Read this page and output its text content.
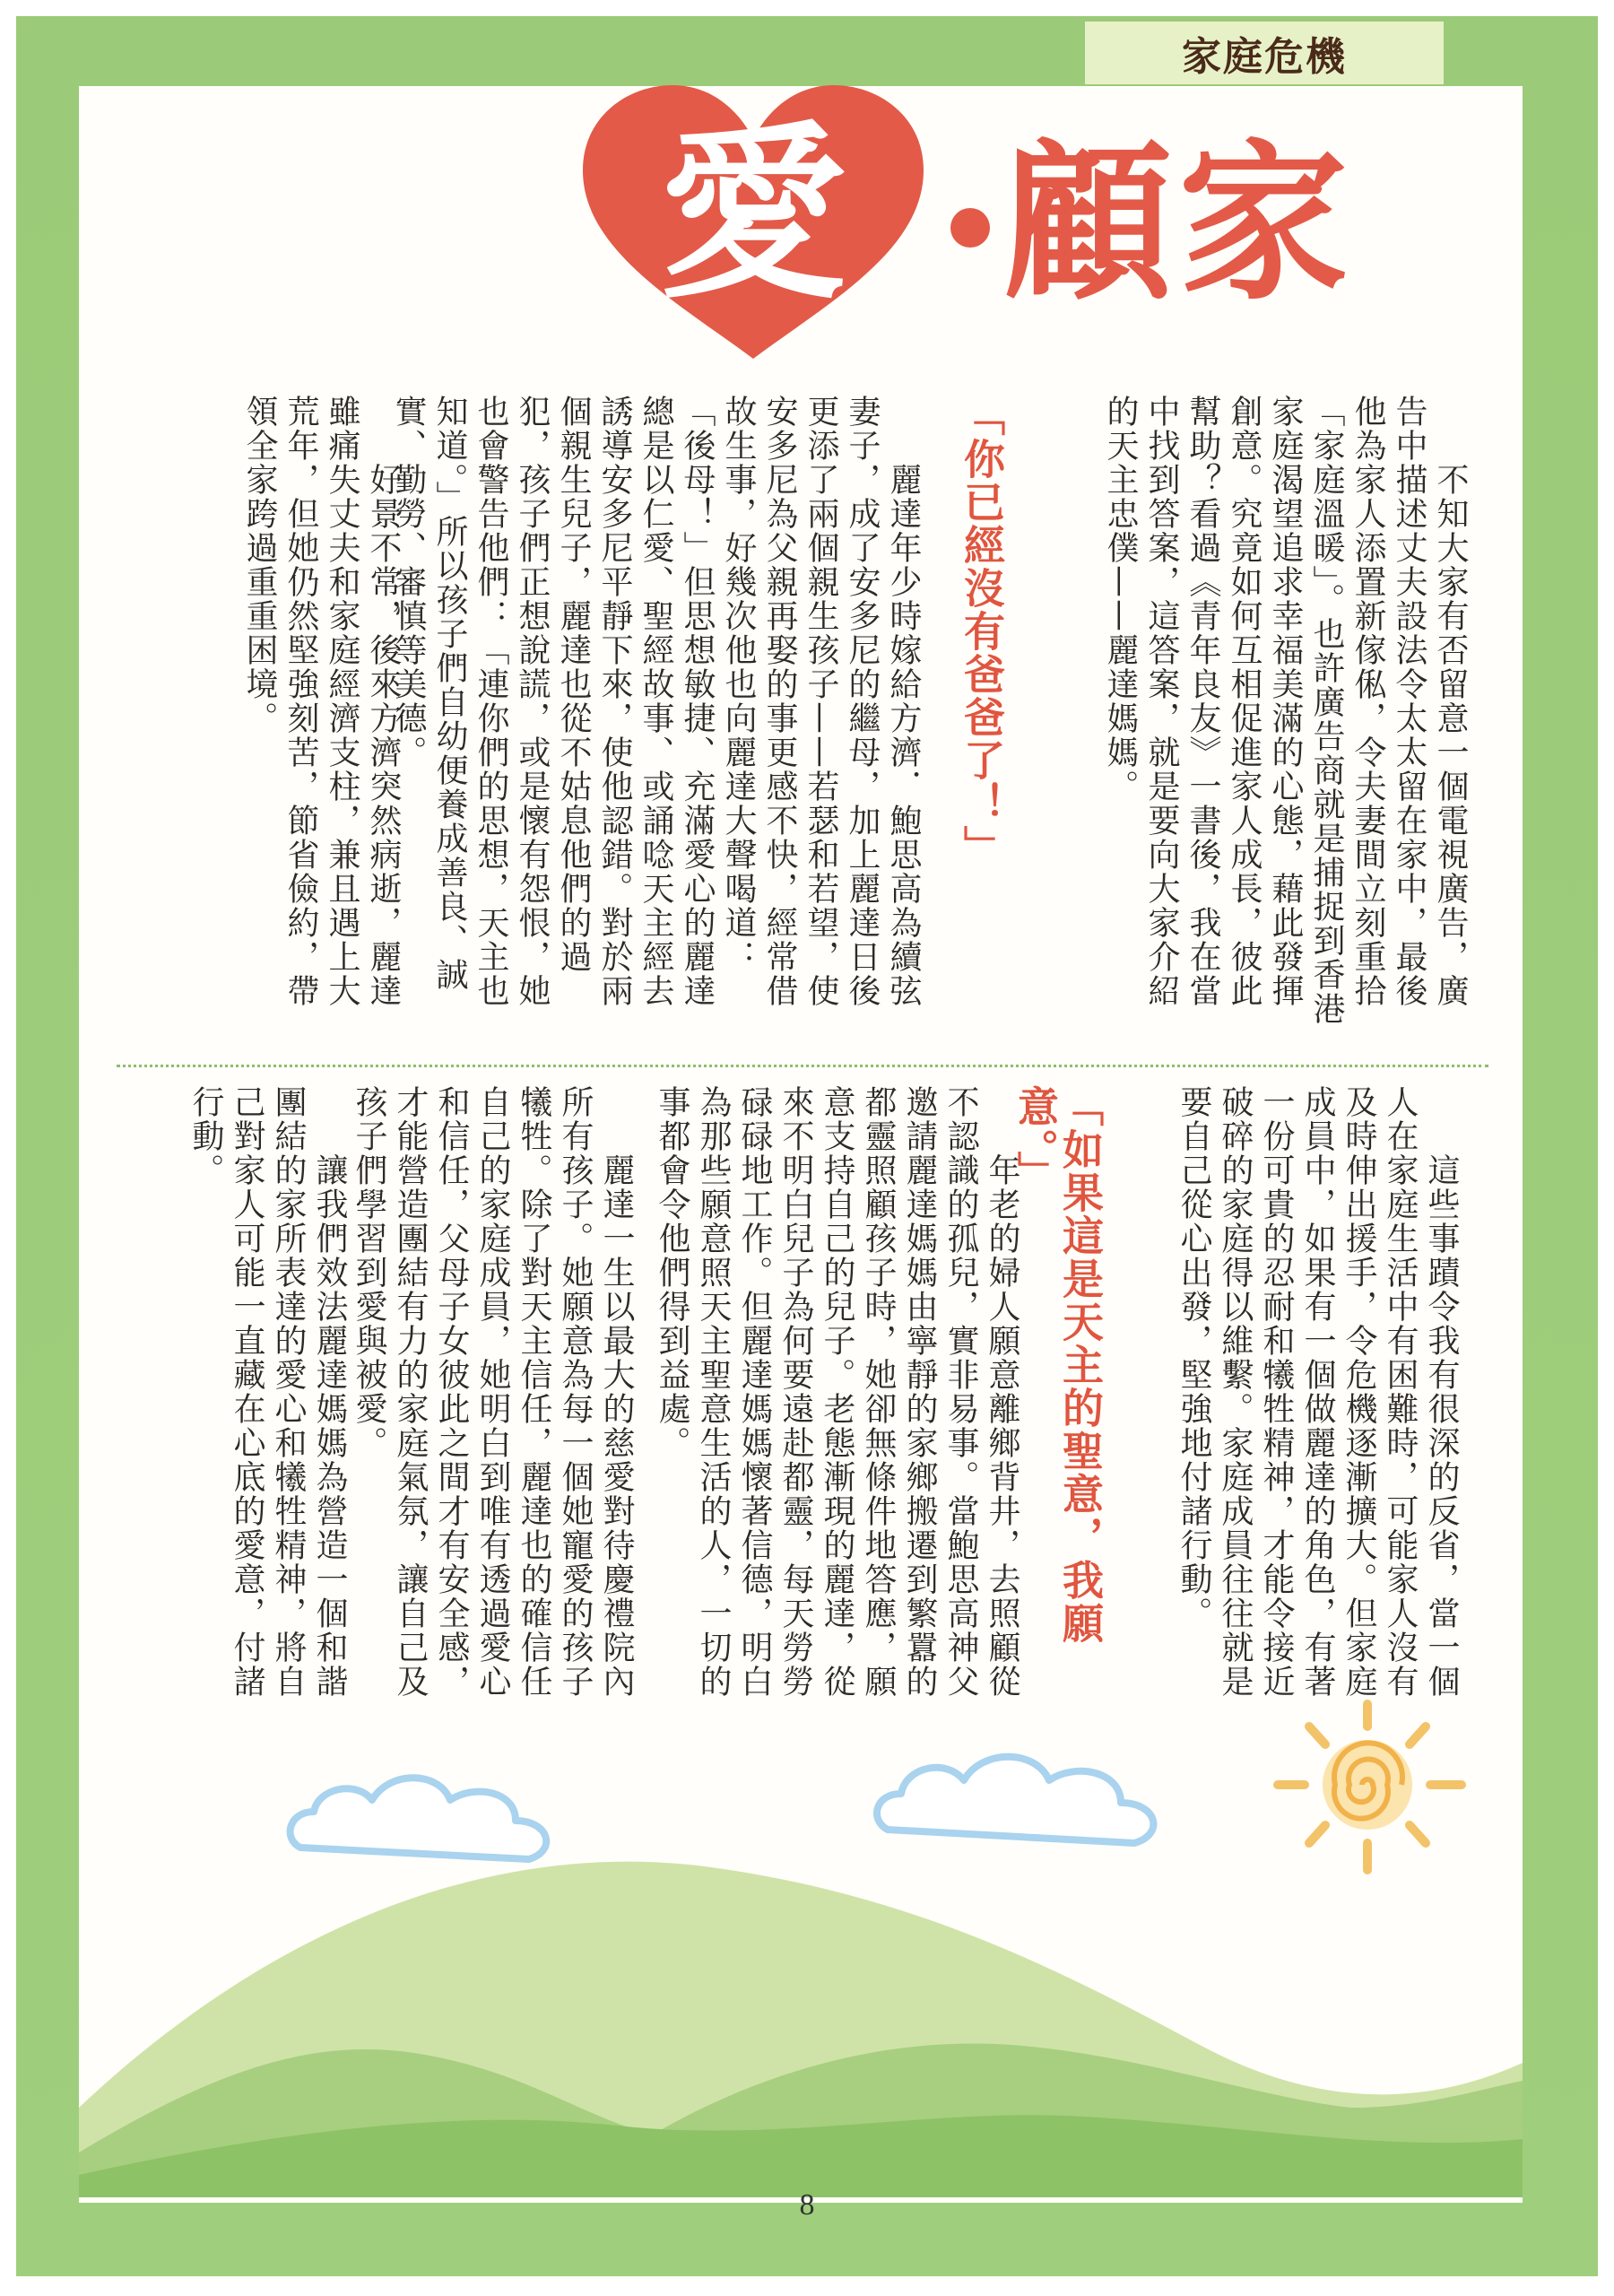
家庭危機
愛 顧家
不知大家有否留意一個電視廣告，廣告中描述丈夫設法令太太留在家中，最後他為家人添置新傢俬，令夫妻間立刻重拾「家庭溫暖」。也許廣告商就是捕捉到香港家庭渴望追求幸福美滿的心態，藉此發揮創意。究竟如何互相促進家人成長，彼此幫助？看過《青年良友》一書後，我在當中找到答案，這答案，就是要向大家介紹的天主忠僕——麗達媽媽。
「你已經沒有爸爸了！」
麗達年少時嫁給方濟．鮑思高為續弦妻子，成了安多尼的繼母，加上麗達日後更添了兩個親生孩子——若瑟和若望，使安多尼為父親再娶的事更感不快，經常借故生事，好幾次他也向麗達大聲喝道：「後母！」但思想敏捷、充滿愛心的麗達總是以仁愛、聖經故事、或誦唸天主經去誘導安多尼平靜下來，使他認錯。對於兩個親生兒子，麗達也從不姑息他們的過犯，孩子們正想說謊，或是懷有怨恨，她也會警告他們：「連你們的思想，天主也知道。」所以孩子們自幼便養成善良、誠實、勤勞、審慎等美德。
好景不常，後來方濟突然病逝，麗達雖痛失丈夫和家庭經濟支柱，兼且遇上大荒年，但她仍然堅強刻苦，節省儉約，帶領全家跨過重重困境。
這些事蹟令我有很深的反省，當一個人在家庭生活中有困難時，可能家人沒有及時伸出援手，令危機逐漸擴大。但家庭成員中，如果有一個做麗達的角色，有著一份可貴的忍耐和犧牲精神，才能令接近破碎的家庭得以維繫。家庭成員往往就是要自己從心出發，堅強地付諸行動。
「如果這是天主的聖意，我願意。」
年老的婦人願意離鄉背井，去照顧從不認識的孤兒，實非易事。當鮑思高神父邀請麗達媽媽由寧靜的家鄉搬遷到繁囂的都靈照顧孩子時，她卻無條件地答應，願意支持自己的兒子。老態漸現的麗達，從來不明白兒子為何要遠赴都靈，每天勞勞碌碌地工作。但麗達媽媽懷著信德，明白為那些願意照天主聖意生活的人，一切的事都會令他們得到益處。
麗達一生以最大的慈愛對待慶禮院內所有孩子。她願意為每一個她寵愛的孩子犧牲。除了對天主信任，麗達也的確信任自己的家庭成員，她明白到唯有透過愛心和信任，父母子女彼此之間才有安全感，才能營造團結有力的家庭氣氛，讓自己及孩子們學習到愛與被愛。
讓我們效法麗達媽媽為營造一個和諧團結的家所表達的愛心和犧牲精神，將自己對家人可能一直藏在心底的愛意，付諸行動。
8
